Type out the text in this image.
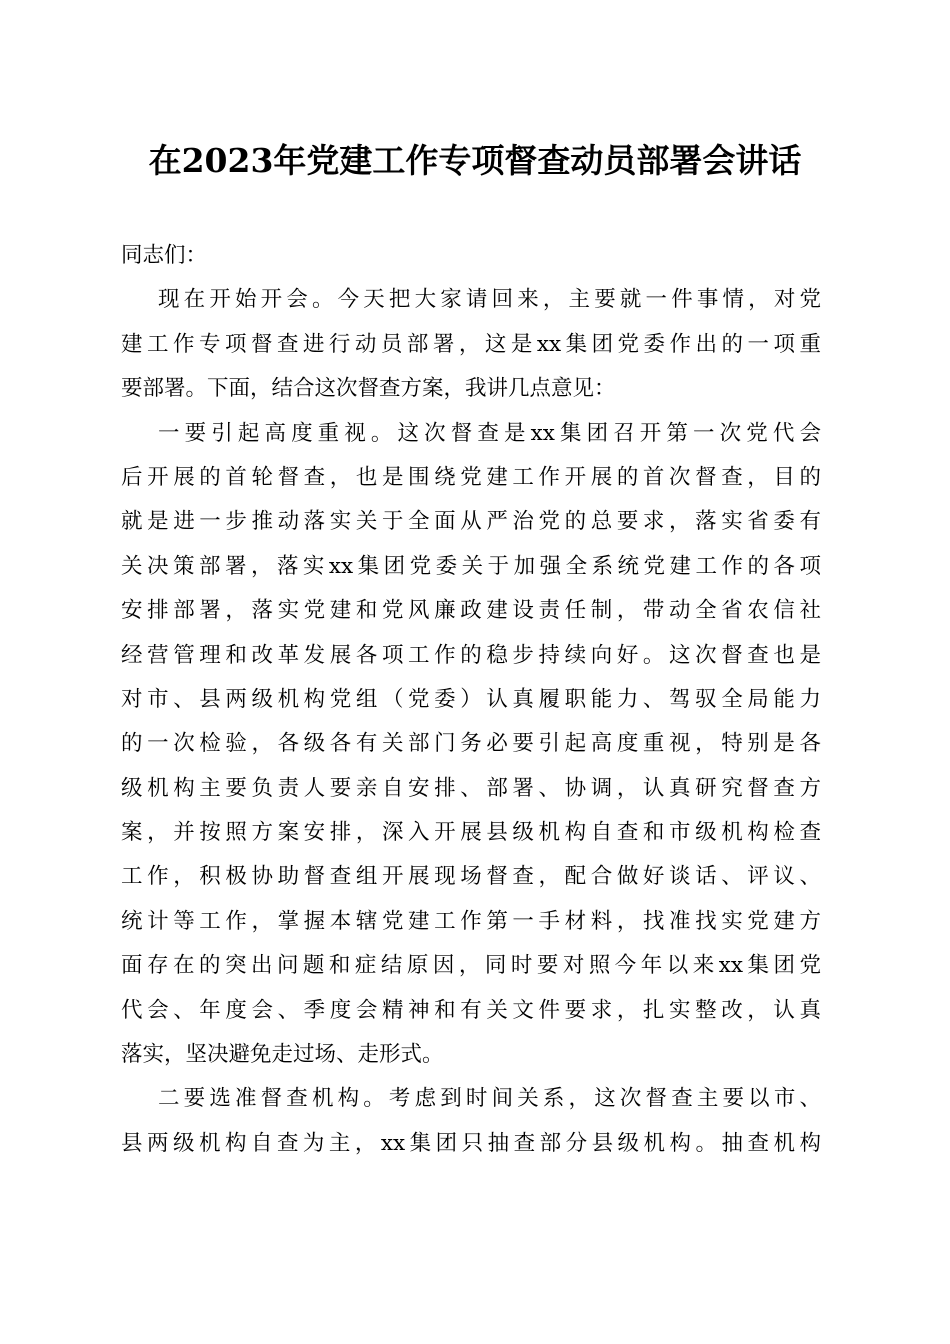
在2023年党建工作专项督查动员部署会讲话
同志们：
现在开始开会。今天把大家请回来，主要就一件事情，对党
建工作专项督查进行动员部署，这是xx集团党委作出的一项重
要部署。下面，结合这次督查方案，我讲几点意见：
一要引起高度重视。这次督查是xx集团召开第一次党代会
后开展的首轮督查，也是围绕党建工作开展的首次督查，目的
就是进一步推动落实关于全面从严治党的总要求，落实省委有
关决策部署，落实xx集团党委关于加强全系统党建工作的各项
安排部署，落实党建和党风廉政建设责任制，带动全省农信社
经营管理和改革发展各项工作的稳步持续向好。这次督查也是
对市、县两级机构党组（党委）认真履职能力、驾驭全局能力
的一次检验，各级各有关部门务必要引起高度重视，特别是各
级机构主要负责人要亲自安排、部署、协调，认真研究督查方
案，并按照方案安排，深入开展县级机构自查和市级机构检查
工作，积极协助督查组开展现场督查，配合做好谈话、评议、
统计等工作，掌握本辖党建工作第一手材料，找准找实党建方
面存在的突出问题和症结原因，同时要对照今年以来xx集团党
代会、年度会、季度会精神和有关文件要求，扎实整改，认真
落实，坚决避免走过场、走形式。
二要选准督查机构。考虑到时间关系，这次督查主要以市、
县两级机构自查为主，xx集团只抽查部分县级机构。抽查机构
